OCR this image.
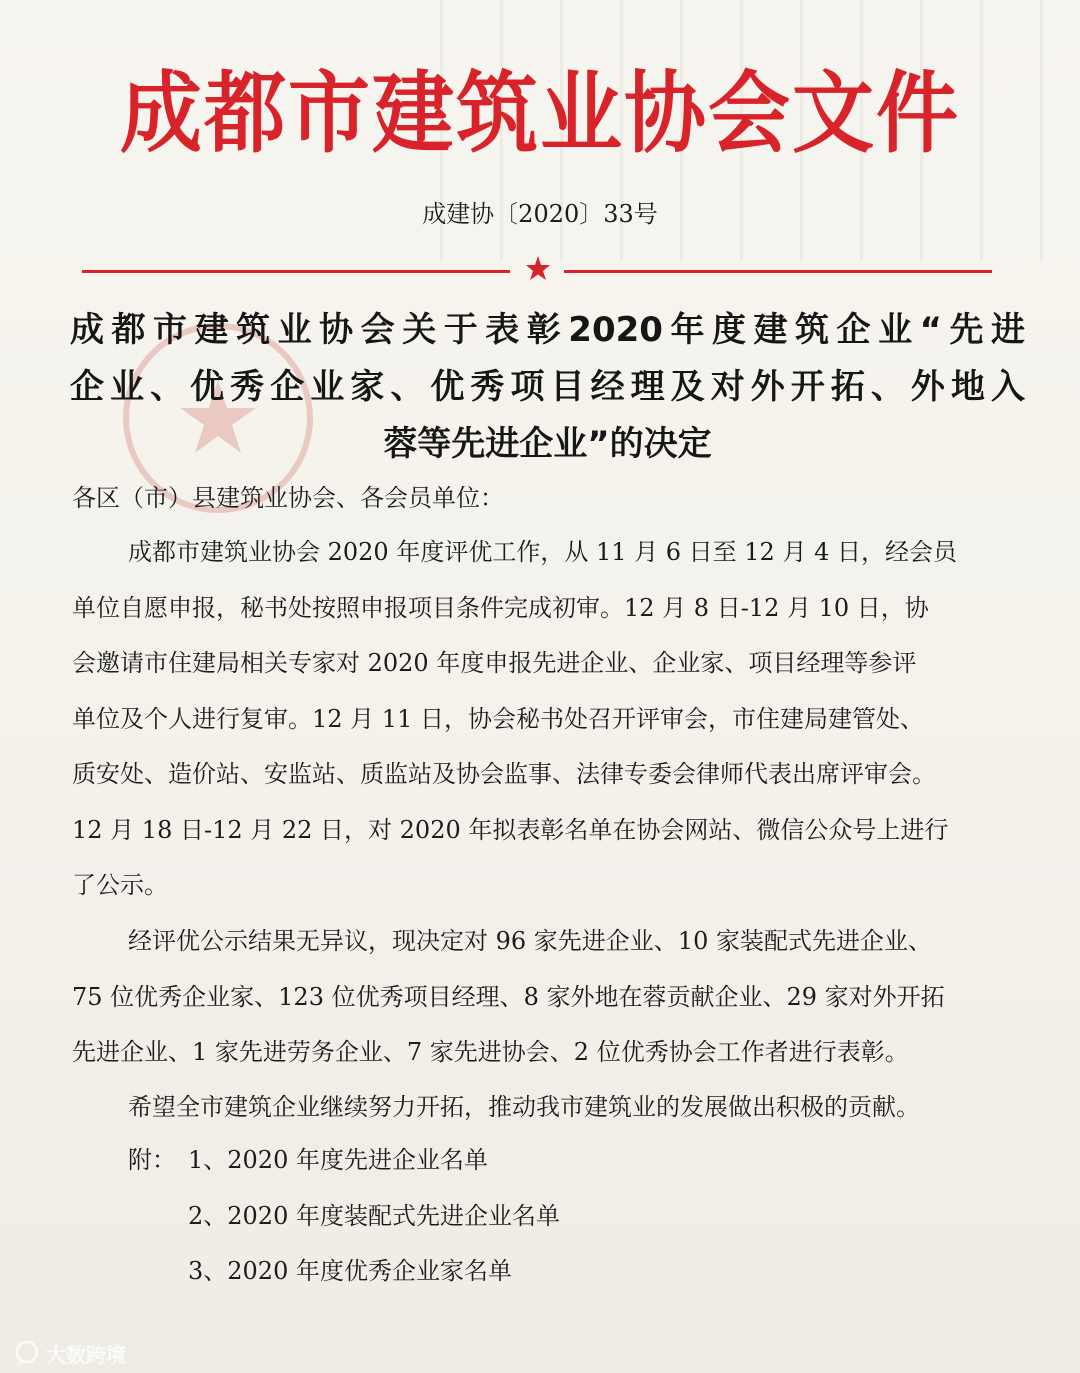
成都市建筑业协会文件
成建协〔2020〕33号
成都市建筑业协会关于表彰2020年度建筑企业“先进
企业、优秀企业家、优秀项目经理及对外开拓、外地入
蓉等先进企业”的决定
各区（市）县建筑业协会、各会员单位：
成都市建筑业协会 2020 年度评优工作，从 11 月 6 日至 12 月 4 日，经会员
单位自愿申报，秘书处按照申报项目条件完成初审。12 月 8 日-12 月 10 日，协
会邀请市住建局相关专家对 2020 年度申报先进企业、企业家、项目经理等参评
单位及个人进行复审。12 月 11 日，协会秘书处召开评审会，市住建局建管处、
质安处、造价站、安监站、质监站及协会监事、法律专委会律师代表出席评审会。
12 月 18 日-12 月 22 日，对 2020 年拟表彰名单在协会网站、微信公众号上进行
了公示。
经评优公示结果无异议，现决定对 96 家先进企业、10 家装配式先进企业、
75 位优秀企业家、123 位优秀项目经理、8 家外地在蓉贡献企业、29 家对外开拓
先进企业、1 家先进劳务企业、7 家先进协会、2 位优秀协会工作者进行表彰。
希望全市建筑企业继续努力开拓，推动我市建筑业的发展做出积极的贡献。
附： 1、2020 年度先进企业名单
2、2020 年度装配式先进企业名单
3、2020 年度优秀企业家名单
大数跨境
